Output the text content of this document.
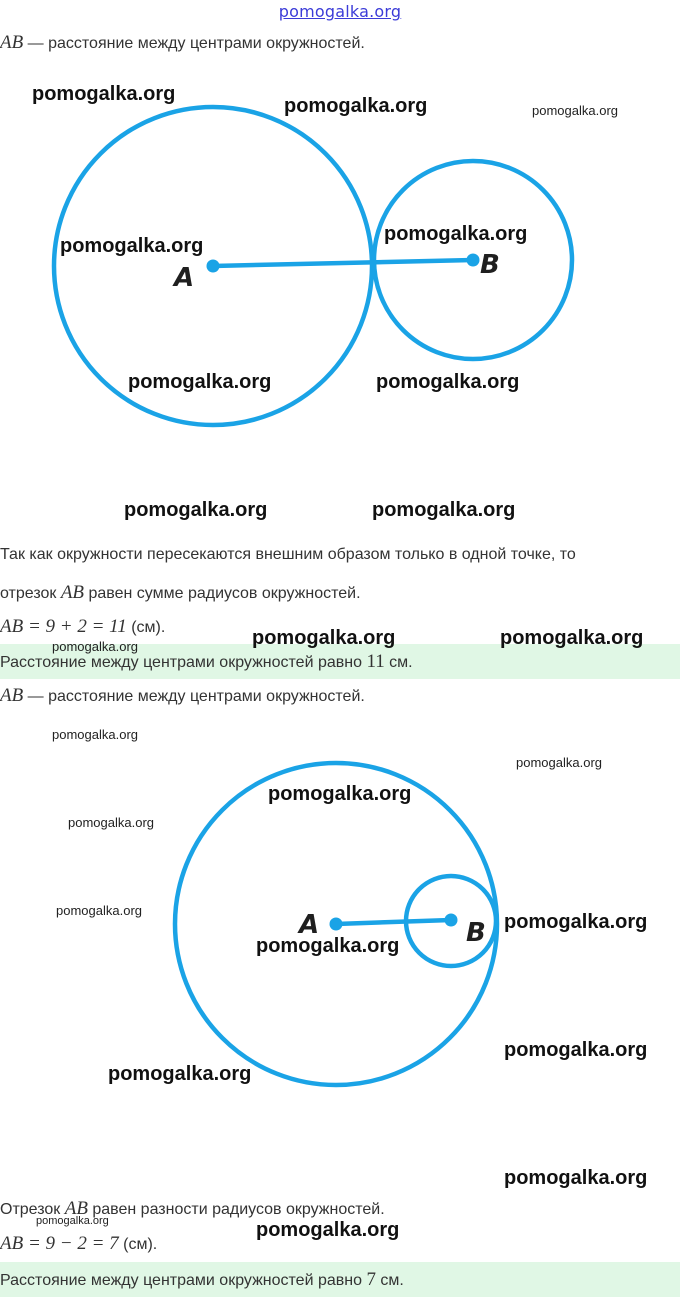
pomogalka.org
AB — расстояние между центрами окружностей.
A	B
Так как окружности пересекаются внешним образом только в одной точке, то
отрезок AB равен сумме радиусов окружностей.
AB = 9 + 2 = 11 (см).
Расстояние между центрами окружностей равно 11 см.
AB — расстояние между центрами окружностей.
A	B
Отрезок AB равен разности радиусов окружностей.
AB = 9 − 2 = 7 (см).
Расстояние между центрами окружностей равно 7 см.
pomogalka.org
pomogalka.org	pomogalka.org
pomogalka.org
pomogalka.org
pomogalka.org	pomogalka.org
pomogalka.org	pomogalka.org
pomogalka.org	pomogalka.org	pomogalka.org
pomogalka.org
pomogalka.org
pomogalka.org
pomogalka.org
pomogalka.org
pomogalka.org
pomogalka.org
pomogalka.org
pomogalka.org
pomogalka.org
pomogalka.org	pomogalka.org
